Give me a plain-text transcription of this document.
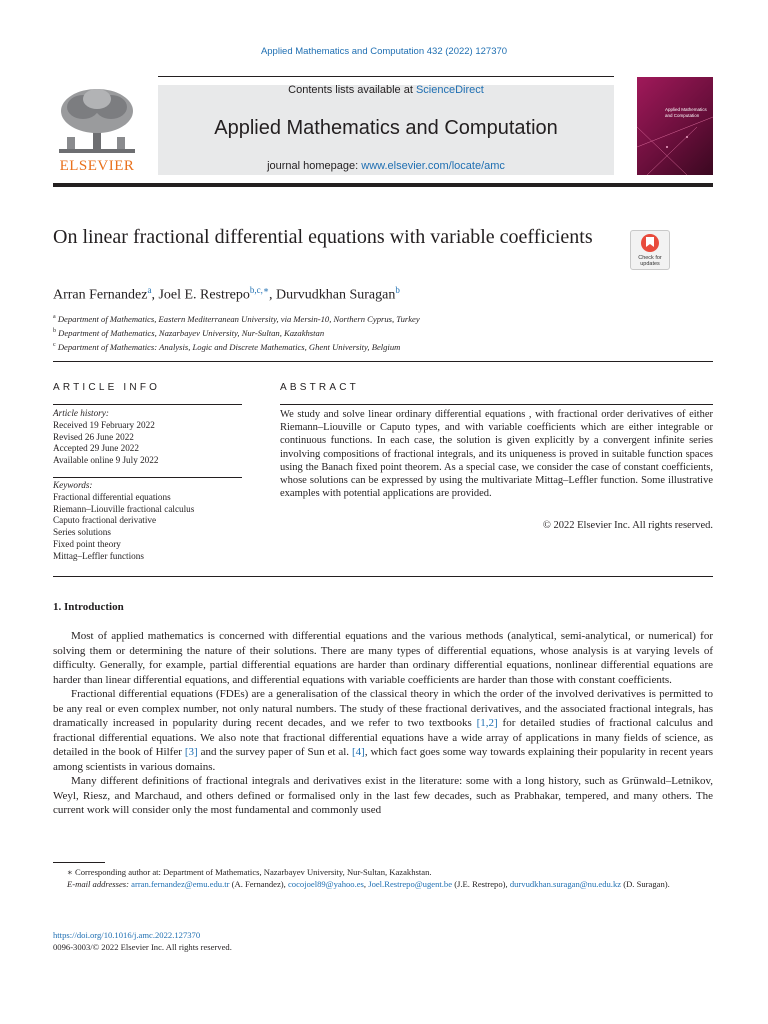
Applied Mathematics and Computation 432 (2022) 127370
ELSEVIER
Contents lists available at ScienceDirect
Applied Mathematics and Computation
journal homepage: www.elsevier.com/locate/amc
Applied Mathematics and Computation
On linear fractional differential equations with variable coefficients
Check for updates
Arran Fernandez$^a$, Joel E. Restrepo$^{b,c,∗}$, Durvudkhan Suragan$^b$
$^a$ Department of Mathematics, Eastern Mediterranean University, via Mersin-10, Northern Cyprus, Turkey
$^b$ Department of Mathematics, Nazarbayev University, Nur-Sultan, Kazakhstan
$^c$ Department of Mathematics: Analysis, Logic and Discrete Mathematics, Ghent University, Belgium
ARTICLE INFO
Article history:
Received 19 February 2022
Revised 26 June 2022
Accepted 29 June 2022
Available online 9 July 2022
Keywords:
Fractional differential equations
Riemann–Liouville fractional calculus
Caputo fractional derivative
Series solutions
Fixed point theory
Mittag–Leffler functions
ABSTRACT
We study and solve linear ordinary differential equations , with fractional order derivatives of either Riemann–Liouville or Caputo types, and with variable coefficients which are either integrable or continuous functions. In each case, the solution is given explicitly by a convergent infinite series involving compositions of fractional integrals, and its uniqueness is proved in suitable function spaces using the Banach fixed point theorem. As a special case, we consider the case of constant coefficients, whose solutions can be expressed by using the multivariate Mittag–Leffler function. Some illustrative examples with potential applications are provided.
© 2022 Elsevier Inc. All rights reserved.
1. Introduction

Most of applied mathematics is concerned with differential equations and the various methods (analytical, semi-analytical, or numerical) for solving them or determining the nature of their solutions. There are many types of differential equations, whose analysis is at varying levels of difficulty. Generally, for example, partial differential equations are harder than ordinary differential equations, nonlinear differential equations are harder than linear differential equations, and differential equations with variable coefficients are harder than those with constant coefficients.

Fractional differential equations (FDEs) are a generalisation of the classical theory in which the order of the involved derivatives is permitted to be any real or even complex number, not only natural numbers. The study of these fractional derivatives, and the associated fractional integrals, has dramatically increased in popularity during recent decades, and we refer to two textbooks [1,2] for detailed studies of fractional calculus and fractional differential equations. We also note that fractional differential equations have a wide array of applications in many fields of science, as detailed in the book of Hilfer [3] and the survey paper of Sun et al. [4], which fact goes some way towards explaining their popularity in recent years among scientists in various domains.

Many different definitions of fractional integrals and derivatives exist in the literature: some with a long history, such as Grünwald–Letnikov, Weyl, Riesz, and Marchaud, and others defined or formalised only in the last few decades, such as Prabhakar, tempered, and many others. The current work will consider only the most fundamental and commonly used

∗ Corresponding author at: Department of Mathematics, Nazarbayev University, Nur-Sultan, Kazakhstan.
E-mail addresses: arran.fernandez@emu.edu.tr (A. Fernandez), cocojoel89@yahoo.es, Joel.Restrepo@ugent.be (J.E. Restrepo), durvudkhan.suragan@nu.edu.kz (D. Suragan).
https://doi.org/10.1016/j.amc.2022.127370
0096-3003/© 2022 Elsevier Inc. All rights reserved.
